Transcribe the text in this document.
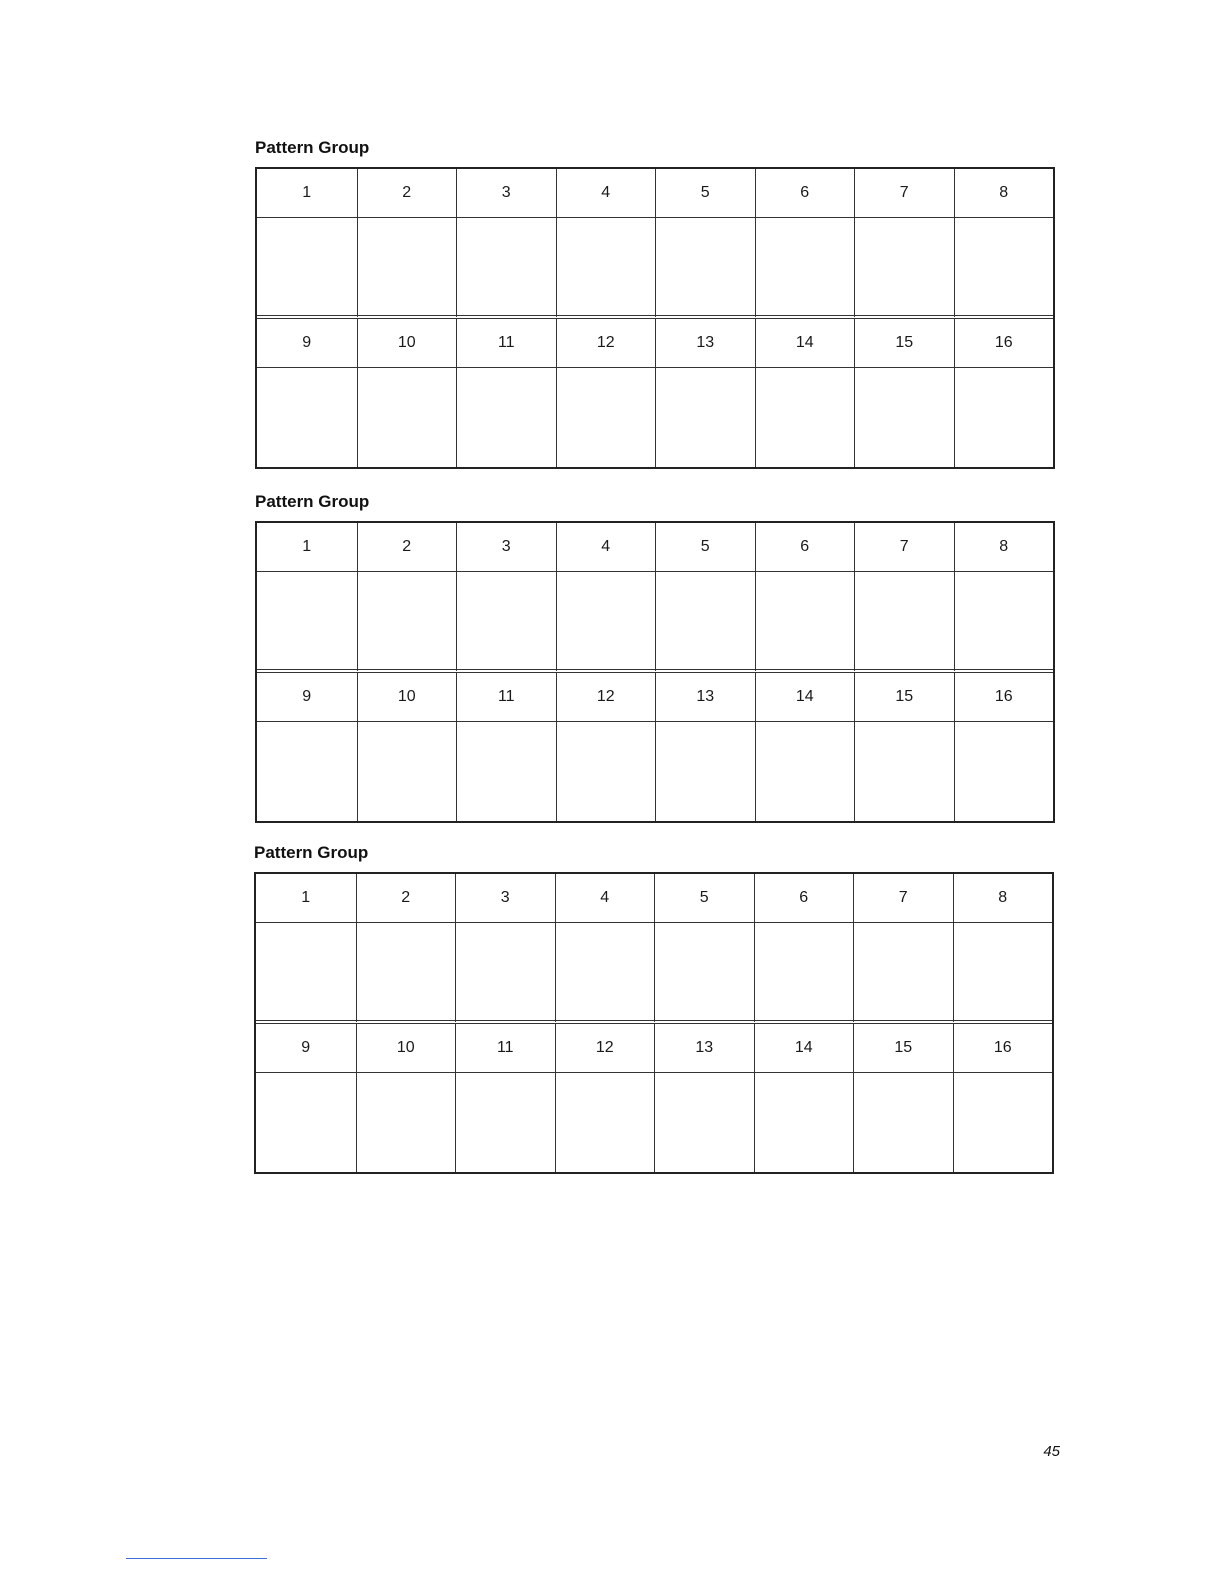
Pattern Group
1	2	3	4	5	6	7	8
9	10	11	12	13	14	15	16
Pattern Group
1	2	3	4	5	6	7	8
9	10	11	12	13	14	15	16
Pattern Group
1	2	3	4	5	6	7	8
9	10	11	12	13	14	15	16
45
